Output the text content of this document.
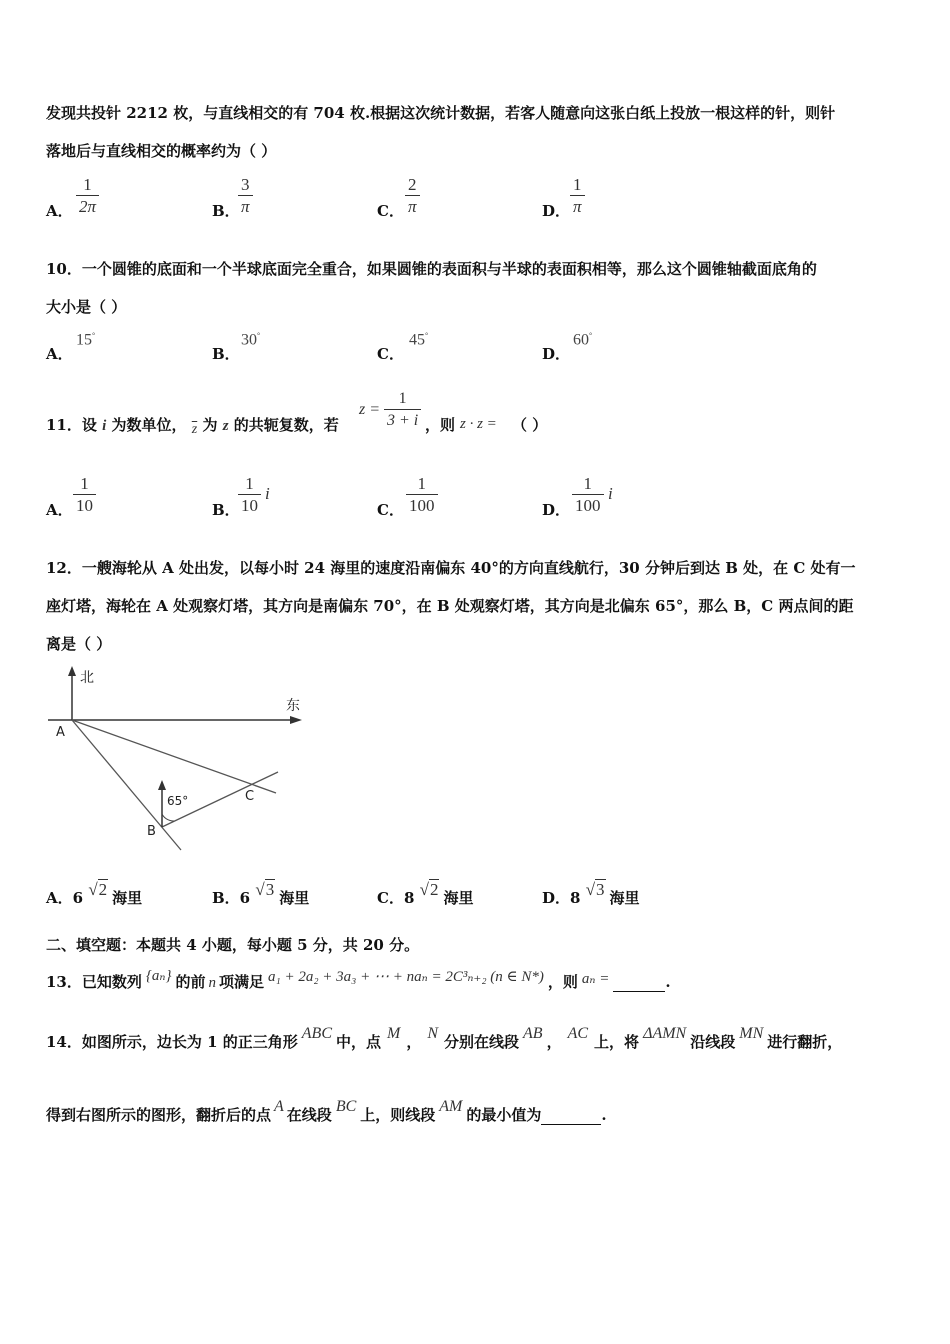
发现共投针 2212 枚，与直线相交的有 704 枚.根据这次统计数据，若客人随意向这张白纸上投放一根这样的针，则针
落地后与直线相交的概率约为（ ）
A． $\frac{1}{2\pi}$	B．
$\frac{3}{\pi}$	C． $\frac{2}{\pi}$	D． $\frac{1}{\pi}$
10．一个圆锥的底面和一个半球底面完全重合，如果圆锥的表面积与半球的表面积相等，那么这个圆锥轴截面底角的
大小是（ ）
A．
15°
B．
30°
C．
45°
D．
60°
11．设 i 为数单位， $\overline{z}$ 为 z 的共轭复数，若
$z = \frac{1}{3 + i}$ ，则 z · z = （ ）
A． $\frac{1}{10}$	B．
$\frac{1}{10}$ i
C． $\frac{1}{100}$	D． $\frac{1}{100}$ i
12．一艘海轮从 A 处出发，以每小时 24 海里的速度沿南偏东 40°的方向直线航行，30 分钟后到达 B 处，在 C 处有一
座灯塔，海轮在 A 处观察灯塔，其方向是南偏东 70°，在 B 处观察灯塔，其方向是北偏东 65°，那么 B，C 两点间的距
离是（ ）
北
东
A
65°
B
C
A．6 √2 海里	B．6 √3 海里	C．8 √2 海里	D．8 √3 海里
二、填空题：本题共 4 小题，每小题 5 分，共 20 分。
13．已知数列 {aₙ} 的前 n 项满足 a₁ + 2a₂ + 3a₃ + ⋯ + naₙ = 2C³ₙ₊₂ (n ∈ N*) ，则 aₙ =	.
14．如图所示，边长为 1 的正三角形 ABC 中，点 M ， N 分别在线段 AB ， AC 上，将 ΔAMN 沿线段 MN 进行翻折，
得到右图所示的图形，翻折后的点 A 在线段 BC 上，则线段 AM 的最小值为	.
